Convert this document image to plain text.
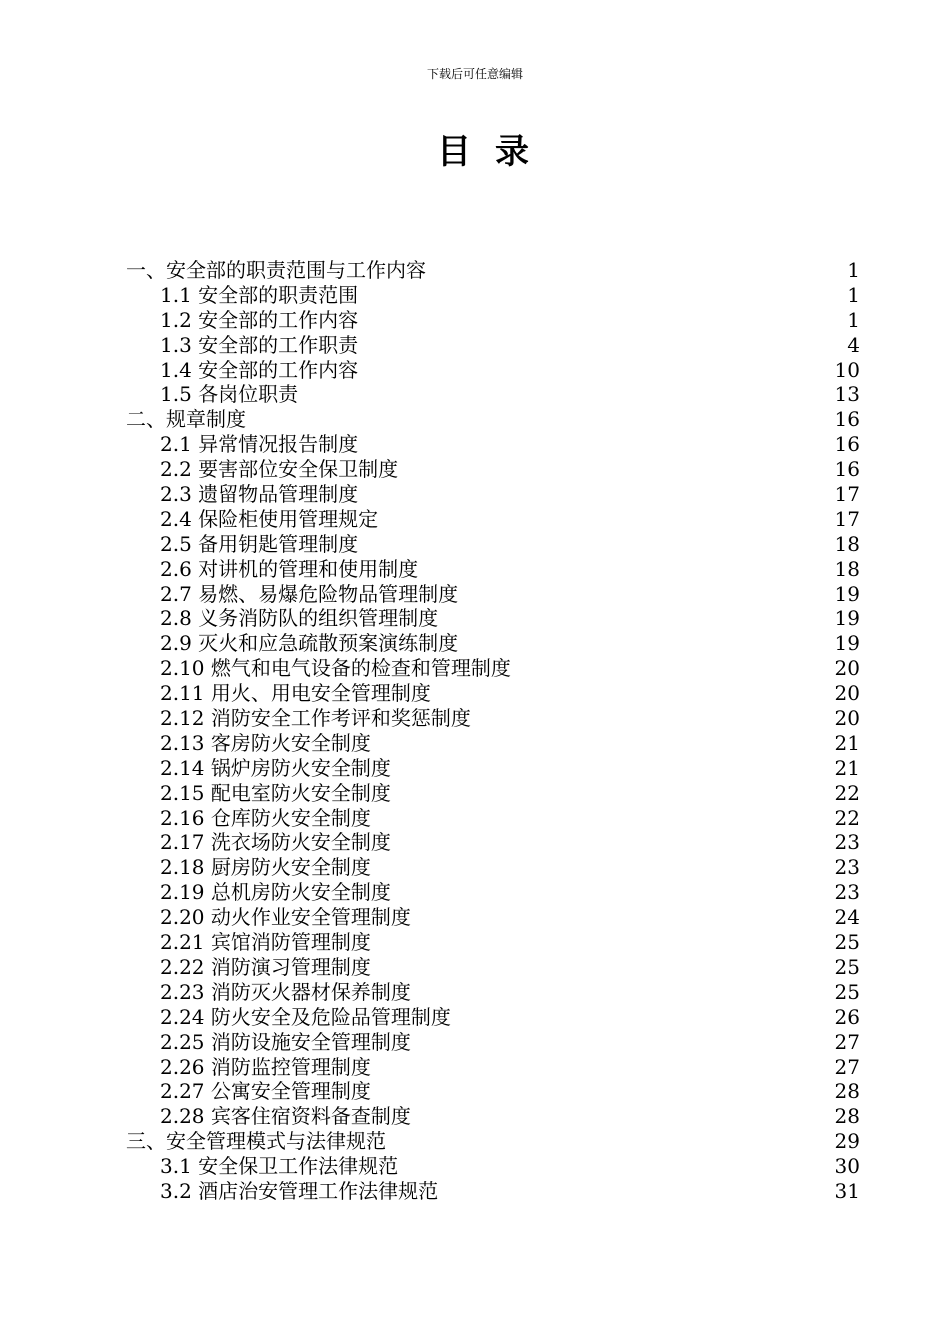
下载后可任意编辑
目录
一、安全部的职责范围与工作内容	1
1.1 安全部的职责范围	1
1.2 安全部的工作内容	1
1.3 安全部的工作职责	4
1.4 安全部的工作内容	10
1.5 各岗位职责	13
二、规章制度	16
2.1 异常情况报告制度	16
2.2 要害部位安全保卫制度	16
2.3 遗留物品管理制度	17
2.4 保险柜使用管理规定	17
2.5 备用钥匙管理制度	18
2.6 对讲机的管理和使用制度	18
2.7 易燃、易爆危险物品管理制度	19
2.8 义务消防队的组织管理制度	19
2.9 灭火和应急疏散预案演练制度	19
2.10 燃气和电气设备的检查和管理制度	20
2.11 用火、用电安全管理制度	20
2.12 消防安全工作考评和奖惩制度	20
2.13 客房防火安全制度	21
2.14 锅炉房防火安全制度	21
2.15 配电室防火安全制度	22
2.16 仓库防火安全制度	22
2.17 洗衣场防火安全制度	23
2.18 厨房防火安全制度	23
2.19 总机房防火安全制度	23
2.20 动火作业安全管理制度	24
2.21 宾馆消防管理制度	25
2.22 消防演习管理制度	25
2.23 消防灭火器材保养制度	25
2.24 防火安全及危险品管理制度	26
2.25 消防设施安全管理制度	27
2.26 消防监控管理制度	27
2.27 公寓安全管理制度	28
2.28 宾客住宿资料备查制度	28
三、安全管理模式与法律规范	29
3.1 安全保卫工作法律规范	30
3.2 酒店治安管理工作法律规范	31
